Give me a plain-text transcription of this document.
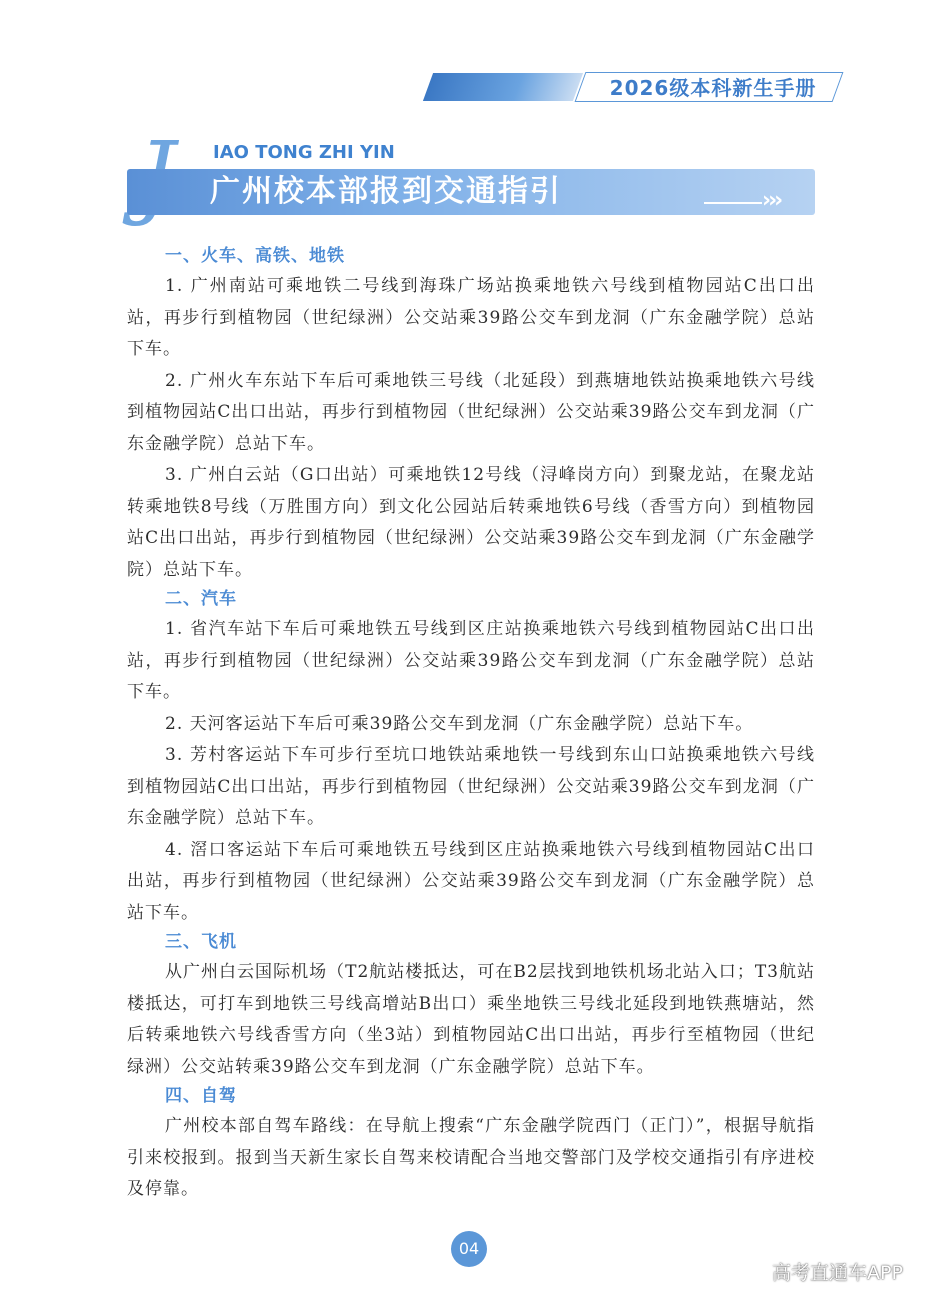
2026级本科新生手册
IAO TONG ZHI YIN
广州校本部报到交通指引	›››
一、火车、高铁、地铁

1. 广州南站可乘地铁二号线到海珠广场站换乘地铁六号线到植物园站C出口出站，再步行到植物园（世纪绿洲）公交站乘39路公交车到龙洞（广东金融学院）总站下车。

2. 广州火车东站下车后可乘地铁三号线（北延段）到燕塘地铁站换乘地铁六号线到植物园站C出口出站，再步行到植物园（世纪绿洲）公交站乘39路公交车到龙洞（广东金融学院）总站下车。

3. 广州白云站（G口出站）可乘地铁12号线（浔峰岗方向）到聚龙站，在聚龙站转乘地铁8号线（万胜围方向）到文化公园站后转乘地铁6号线（香雪方向）到植物园站C出口出站，再步行到植物园（世纪绿洲）公交站乘39路公交车到龙洞（广东金融学院）总站下车。

二、汽车

1. 省汽车站下车后可乘地铁五号线到区庄站换乘地铁六号线到植物园站C出口出站，再步行到植物园（世纪绿洲）公交站乘39路公交车到龙洞（广东金融学院）总站下车。

2. 天河客运站下车后可乘39路公交车到龙洞（广东金融学院）总站下车。

3. 芳村客运站下车可步行至坑口地铁站乘地铁一号线到东山口站换乘地铁六号线到植物园站C出口出站，再步行到植物园（世纪绿洲）公交站乘39路公交车到龙洞（广东金融学院）总站下车。

4. 滘口客运站下车后可乘地铁五号线到区庄站换乘地铁六号线到植物园站C出口出站，再步行到植物园（世纪绿洲）公交站乘39路公交车到龙洞（广东金融学院）总站下车。

三、飞机

从广州白云国际机场（T2航站楼抵达，可在B2层找到地铁机场北站入口；T3航站楼抵达，可打车到地铁三号线高增站B出口）乘坐地铁三号线北延段到地铁燕塘站，然后转乘地铁六号线香雪方向（坐3站）到植物园站C出口出站，再步行至植物园（世纪绿洲）公交站转乘39路公交车到龙洞（广东金融学院）总站下车。

四、自驾

广州校本部自驾车路线：在导航上搜索“广东金融学院西门（正门）”，根据导航指引来校报到。报到当天新生家长自驾来校请配合当地交警部门及学校交通指引有序进校及停靠。

04
高考直通车APP
